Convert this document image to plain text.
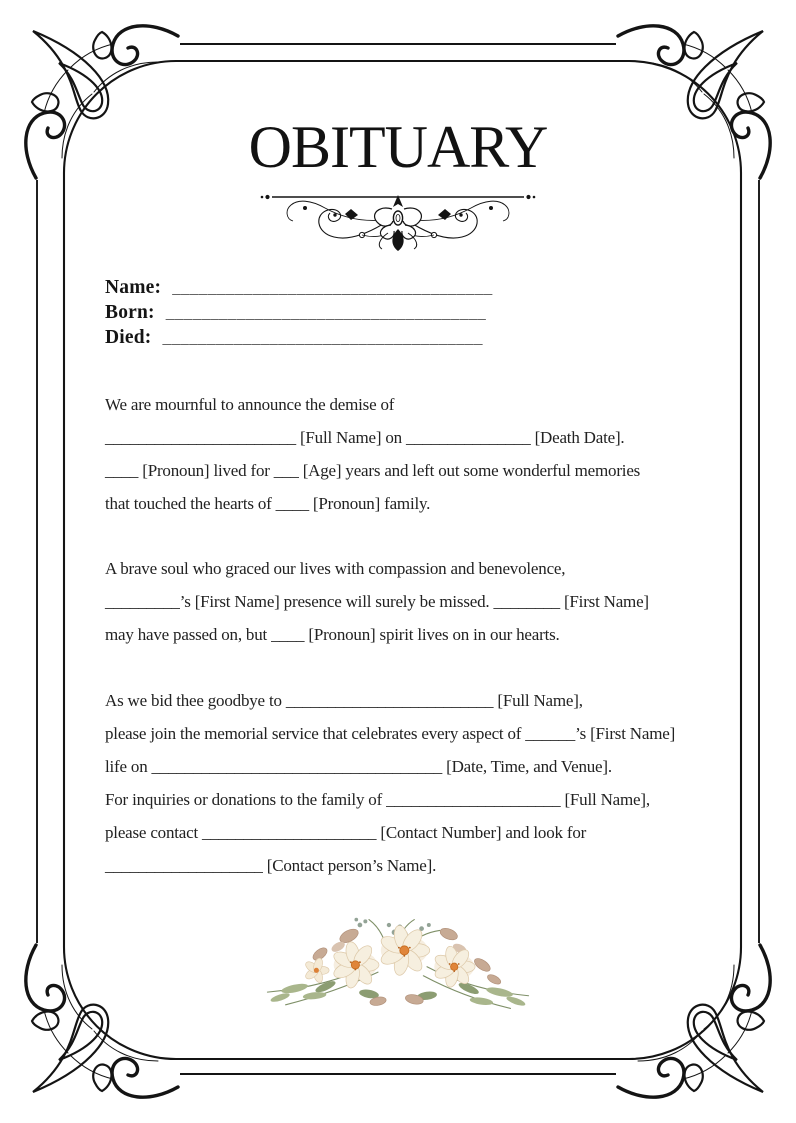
OBITUARY
Name: ____________________________________
Born: ____________________________________
Died: ____________________________________
We are mournful to announce the demise of
_______________________ [Full Name] on _______________ [Death Date].
____ [Pronoun] lived for ___ [Age] years and left out some wonderful memories
that touched the hearts of ____ [Pronoun] family.
A brave soul who graced our lives with compassion and benevolence,
_________’s [First Name] presence will surely be missed. ________ [First Name]
may have passed on, but ____ [Pronoun] spirit lives on in our hearts.
As we bid thee goodbye to _________________________ [Full Name],
please join the memorial service that celebrates every aspect of ______’s [First Name]
life on ___________________________________ [Date, Time, and Venue].
For inquiries or donations to the family of _____________________ [Full Name],
please contact _____________________ [Contact Number] and look for
___________________ [Contact person’s Name].
